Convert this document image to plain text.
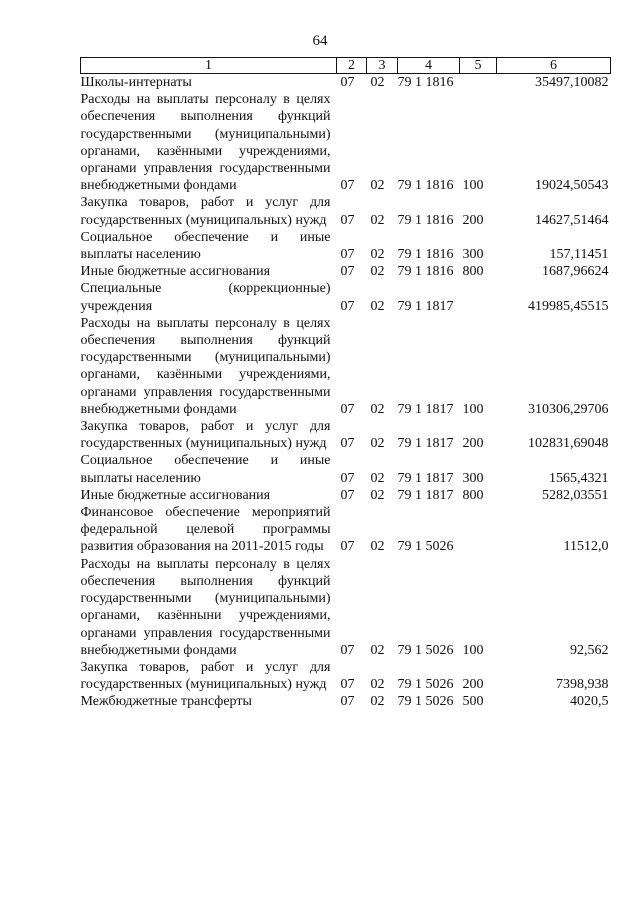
64
1	2	3	4	5	6
Школы-интернаты	07	02	79 1 1816		35497,10082
Расходы на выплаты персоналу в целях обеспечения выполнения функций государственными (муниципальными) органами, казёнными учреждениями, органами управления государственными внебюджетными фондами	07	02	79 1 1816	100	19024,50543
Закупка товаров, работ и услуг для государственных (муниципальных) нужд	07	02	79 1 1816	200	14627,51464
Социальное обеспечение и иные выплаты населению	07	02	79 1 1816	300	157,11451
Иные бюджетные ассигнования	07	02	79 1 1816	800	1687,96624
Специальные (коррекционные) учреждения	07	02	79 1 1817		419985,45515
Расходы на выплаты персоналу в целях обеспечения выполнения функций государственными (муниципальными) органами, казёнными учреждениями, органами управления государственными внебюджетными фондами	07	02	79 1 1817	100	310306,29706
Закупка товаров, работ и услуг для государственных (муниципальных) нужд	07	02	79 1 1817	200	102831,69048
Социальное обеспечение и иные выплаты населению	07	02	79 1 1817	300	1565,4321
Иные бюджетные ассигнования	07	02	79 1 1817	800	5282,03551
Финансовое обеспечение мероприятий федеральной целевой программы развития образования на 2011-2015 годы	07	02	79 1 5026		11512,0
Расходы на выплаты персоналу в целях обеспечения выполнения функций государственными (муниципальными) органами, казённыни учреждениями, органами управления государственными внебюджетными фондами	07	02	79 1 5026	100	92,562
Закупка товаров, работ и услуг для государственных (муниципальных) нужд	07	02	79 1 5026	200	7398,938
Межбюджетные трансферты	07	02	79 1 5026	500	4020,5
